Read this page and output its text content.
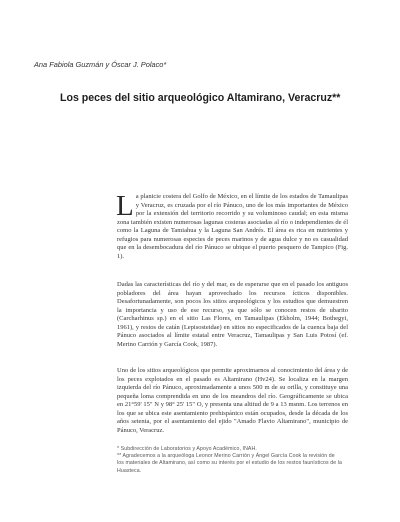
Ana Fabiola Guzmán y Óscar J. Polaco*
Los peces del sitio arqueológico Altamirano, Veracruz**

La planicie costera del Golfo de México, en el límite de los estados de Tamaulipas y Veracruz, es cruzada por el río Pánuco, uno de los más importantes de México por la extensión del territorio recorrido y su voluminoso caudal; en esta misma zona también existen numerosas lagunas costeras asociadas al río o independientes de él como la Laguna de Tamiahua y la Laguna San Andrés. El área es rica en nutrientes y refugios para numerosas especies de peces marinos y de agua dulce y no es casualidad que en la desembocadura del río Pánuco se ubique el puerto pesquero de Tampico (Fig. 1).

Dadas las características del río y del mar, es de esperarse que en el pasado los antiguos pobladores del área hayan aprovechado los recursos ícticos disponibles. Desafortunadamente, son pocos los sitios arqueológicos y los estudios que demuestren la importancia y uso de ese recurso, ya que sólo se conocen restos de ubarito (Carcharhinus sp.) en el sitio Las Flores, en Tamaulipas (Ekholm, 1944; Bothegyi, 1961), y restos de catán (Lepisosteidae) en sitios no especificados de la cuenca baja del Pánuco asociados al límite estatal entre Veracruz, Tamaulipas y San Luis Potosí (ef. Merino Carrión y García Cook, 1987).

Uno de los sitios arqueológicos que permite aproximarnos al conocimiento del área y de los peces explotados en el pasado es Altamirano (Hv24). Se localiza en la margen izquierda del río Pánuco, aproximadamente a unos 500 m de su orilla, y constituye una pequeña loma comprendida en uno de los meandros del río. Geográficamente se ubica en 21°59' 15" N y 98° 25' 15" O, y presenta una altitud de 9 a 13 msnm. Los terrenos en los que se ubica este asentamiento prehispánico están ocupados, desde la década de los años setenta, por el asentamiento del ejido "Amado Flavio Altamirano", municipio de Pánuco, Veracruz.

* Subdirección de Laboratorios y Apoyo Académico, INAH.
** Agradecemos a la arqueóloga Leonor Merino Carrión y Ángel García Cook la revisión de
los materiales de Altamirano, así como su interés por el estudio de los restos faunísticos de la
Huasteca.
